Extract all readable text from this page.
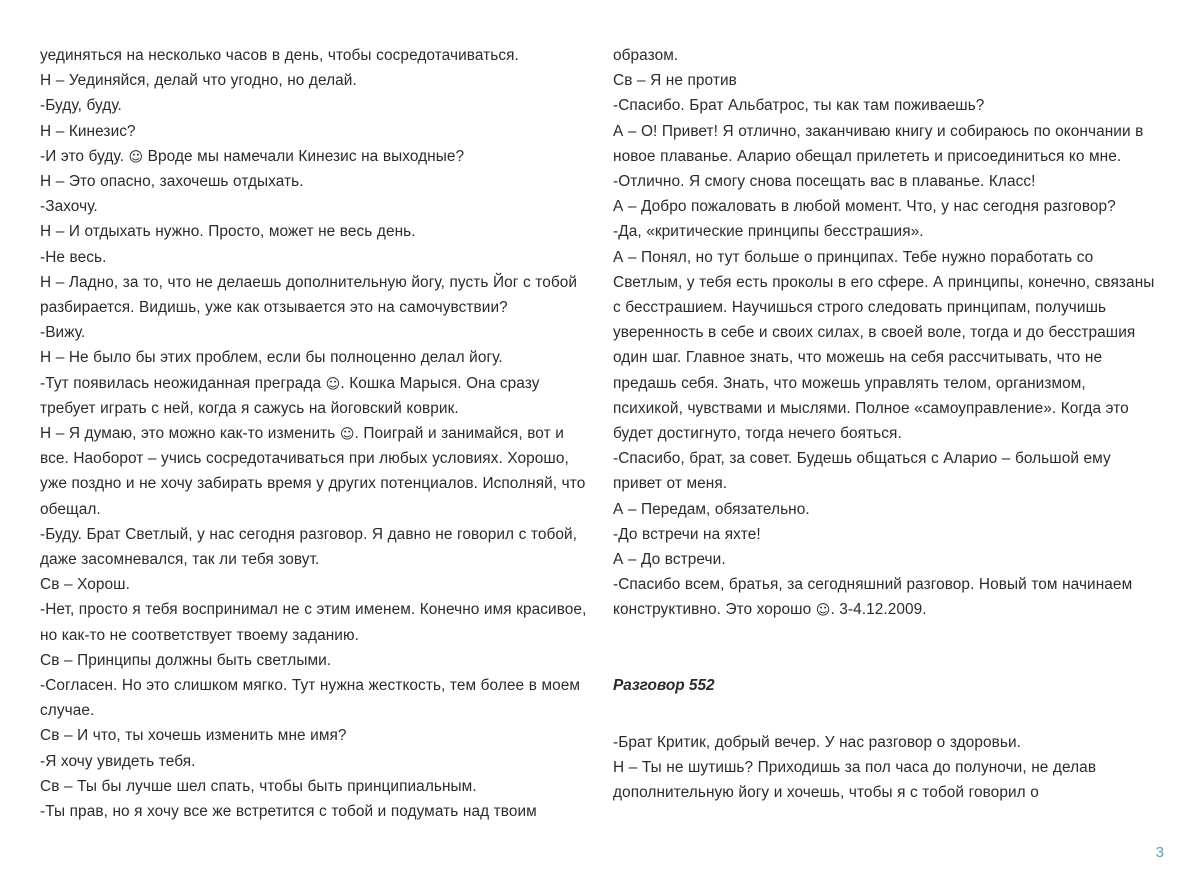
уединяться на несколько часов в день, чтобы сосредотачиваться.

Н – Уединяйся, делай что угодно, но делай.

-Буду, буду.

Н – Кинезис?

-И это буду. ☺ Вроде мы намечали Кинезис на выходные?

Н – Это опасно, захочешь отдыхать.

-Захочу.

Н – И отдыхать нужно. Просто, может не весь день.

-Не весь.

Н – Ладно, за то, что не делаешь дополнительную йогу, пусть Йог с тобой разбирается. Видишь, уже как отзывается это на самочувствии?

-Вижу.

Н – Не было бы этих проблем, если бы полноценно делал йогу.

-Тут появилась неожиданная преграда ☺. Кошка Марыся. Она сразу требует играть с ней, когда я сажусь на йоговский коврик.

Н – Я думаю, это можно как-то изменить ☺. Поиграй и занимайся, вот и все. Наоборот – учись сосредотачиваться при любых условиях. Хорошо, уже поздно и не хочу забирать время у других потенциалов. Исполняй, что обещал.

-Буду. Брат Светлый, у нас сегодня разговор. Я давно не говорил с тобой, даже засомневался, так ли тебя зовут.

Св – Хорош.

-Нет, просто я тебя воспринимал не с этим именем. Конечно имя красивое, но как-то не соответствует твоему заданию.

Св – Принципы должны быть светлыми.

-Согласен. Но это слишком мягко. Тут нужна жесткость, тем более в моем случае.

Св – И что, ты хочешь изменить мне имя?

-Я хочу увидеть тебя.

Св – Ты бы лучше шел спать, чтобы быть принципиальным.

-Ты прав, но я хочу все же встретится с тобой и подумать над твоим

образом.

Св – Я не против

-Спасибо. Брат Альбатрос, ты как там поживаешь?

А – О! Привет! Я отлично, заканчиваю книгу и собираюсь по окончании в новое плаванье. Аларио обещал прилететь и присоединиться ко мне.

-Отлично. Я смогу снова посещать вас в плаванье. Класс!

А – Добро пожаловать в любой момент. Что, у нас сегодня разговор?

-Да, «критические принципы бесстрашия».

А – Понял, но тут больше о принципах. Тебе нужно поработать со Светлым, у тебя есть проколы в его сфере. А принципы, конечно, связаны с бесстрашием. Научишься строго следовать принципам, получишь уверенность в себе и своих силах, в своей воле, тогда и до бесстрашия один шаг. Главное знать, что можешь на себя рассчитывать, что не предашь себя. Знать, что можешь управлять телом, организмом, психикой, чувствами и мыслями. Полное «самоуправление». Когда это будет достигнуто, тогда нечего бояться.

-Спасибо, брат, за совет. Будешь общаться с Аларио – большой ему привет от меня.

А – Передам, обязательно.

-До встречи на яхте!

А – До встречи.

-Спасибо всем, братья, за сегодняшний разговор. Новый том начинаем конструктивно. Это хорошо ☺. 3-4.12.2009.

Разговор 552

-Брат Критик, добрый вечер. У нас разговор о здоровьи.

Н – Ты не шутишь? Приходишь за пол часа до полуночи, не делав дополнительную йогу и хочешь, чтобы я с тобой говорил о

3
